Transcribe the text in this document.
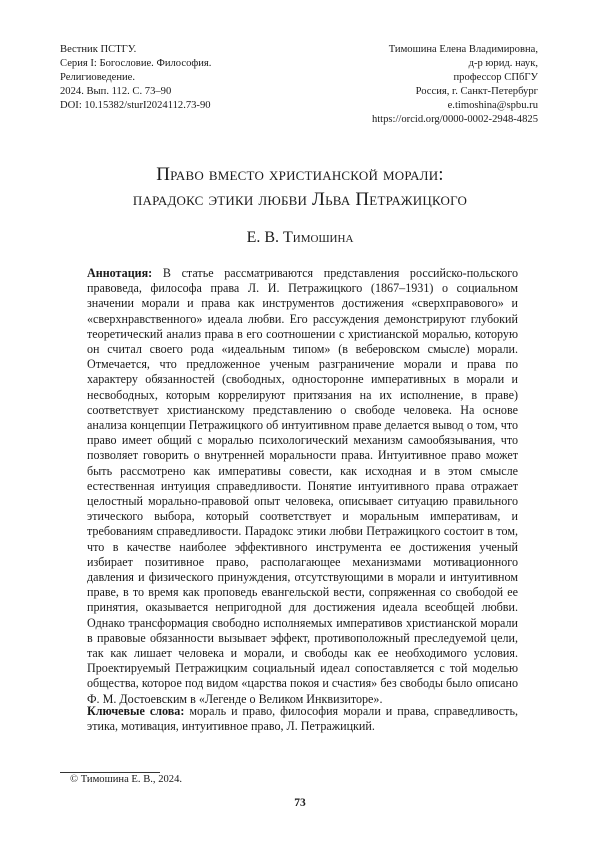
Вестник ПСТГУ.
Серия I: Богословие. Философия.
Религиоведение.
2024. Вып. 112. С. 73–90
DOI: 10.15382/sturI2024112.73-90
Тимошина Елена Владимировна,
д-р юрид. наук,
профессор СПбГУ
Россия, г. Санкт-Петербург
e.timoshina@spbu.ru
https://orcid.org/0000-0002-2948-4825
Право вместо христианской морали:
парадокс этики любви Льва Петражицкого
Е. В. Тимошина
Аннотация: В статье рассматриваются представления российско-польского правоведа, философа права Л. И. Петражицкого (1867–1931) о социальном значении морали и права как инструментов достижения «сверхправового» и «сверхнравственного» идеала любви. Его рассуждения демонстрируют глубокий теоретический анализ права в его соотношении с христианской моралью, которую он считал своего рода «идеальным типом» (в веберовском смысле) морали. Отмечается, что предложенное ученым разграничение морали и права по характеру обязанностей (свободных, односторонне императивных в морали и несвободных, которым коррелируют притязания на их исполнение, в праве) соответствует христианскому представлению о свободе человека. На основе анализа концепции Петражицкого об интуитивном праве делается вывод о том, что право имеет общий с моралью психологический механизм самообязывания, что позволяет говорить о внутренней моральности права. Интуитивное право может быть рассмотрено как императивы совести, как исходная и в этом смысле естественная интуиция справедливости. Понятие интуитивного права отражает целостный морально-правовой опыт человека, описывает ситуацию правильного этического выбора, который соответствует и моральным императивам, и требованиям справедливости. Парадокс этики любви Петражицкого состоит в том, что в качестве наиболее эффективного инструмента ее достижения ученый избирает позитивное право, располагающее механизмами мотивационного давления и физического принуждения, отсутствующими в морали и интуитивном праве, в то время как проповедь евангельской вести, сопряженная со свободой ее принятия, оказывается непригодной для достижения идеала всеобщей любви. Однако трансформация свободно исполняемых императивов христианской морали в правовые обязанности вызывает эффект, противоположный преследуемой цели, так как лишает человека и морали, и свободы как ее необходимого условия. Проектируемый Петражицким социальный идеал сопоставляется с той моделью общества, которое под видом «царства покоя и счастия» без свободы было описано Ф. М. Достоевским в «Легенде о Великом Инквизиторе».
Ключевые слова: мораль и право, философия морали и права, справедливость, этика, мотивация, интуитивное право, Л. Петражицкий.
© Тимошина Е. В., 2024.
73
